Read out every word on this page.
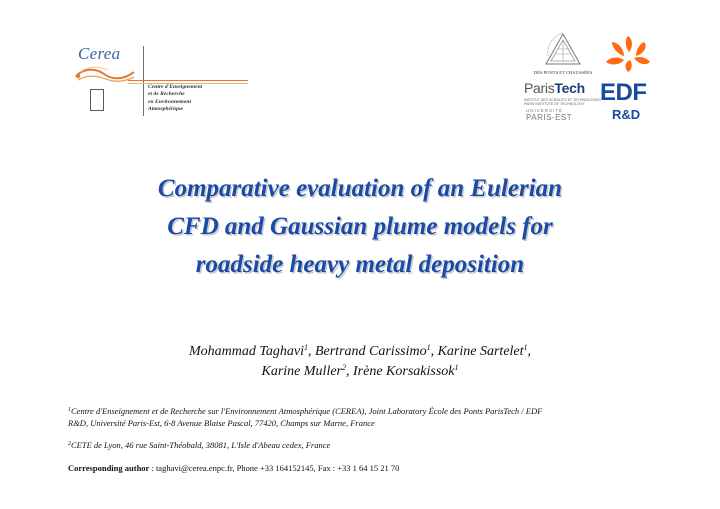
Cerea
Centre d'Enseignement
et de Recherche
en Environnement
Atmosphérique
DES PONTS ET CHAUSSÉES
ParisTech
INSTITUT DES SCIENCES ET TECHNOLOGIES
PARIS INSTITUTE OF TECHNOLOGY
UNIVERSITÉ
PARIS-EST
EDF
R&D
Comparative evaluation of an Eulerian
CFD and Gaussian plume models for
roadside heavy metal deposition
Mohammad Taghavi$^1$, Bertrand Carissimo$^1$, Karine Sartelet$^1$,
Karine Muller$^2$, Irène Korsakissok$^1$
$^1$Centre d'Enseignement et de Recherche sur l'Environnement Atmosphérique (CEREA), Joint Laboratory École des Ponts ParisTech / EDF
R&D, Université Paris-Est, 6-8 Avenue Blaise Pascal, 77420, Champs sur Marne, France
$^2$CETE de Lyon, 46 rue Saint-Théobald, 38081, L'Isle d'Abeau cedex, France
Corresponding author : taghavi@cerea.enpc.fr, Phone +33 164152145, Fax : +33 1 64 15 21 70
